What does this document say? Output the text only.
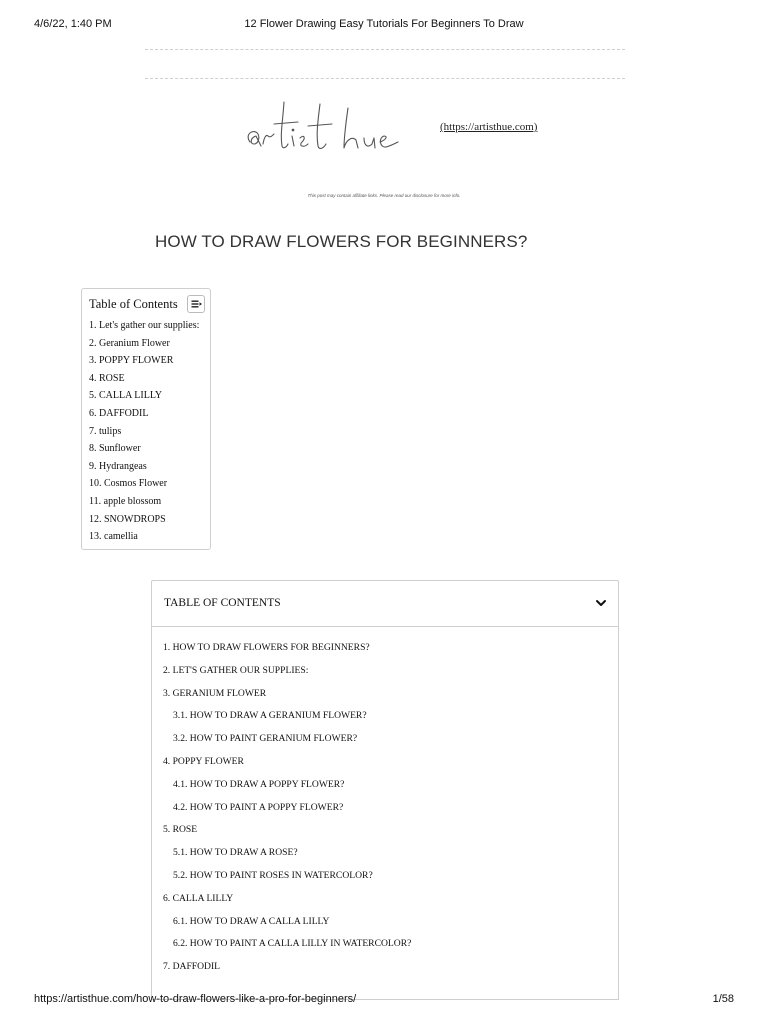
4/6/22, 1:40 PM	12 Flower Drawing Easy Tutorials For Beginners To Draw
(https://artisthue.com)
This post may contain affiliate links. Please read our disclosure for more info.
HOW TO DRAW FLOWERS FOR BEGINNERS?
Table of Contents
1. Let's gather our supplies:
2. Geranium Flower
3. POPPY FLOWER
4. ROSE
5. CALLA LILLY
6. DAFFODIL
7. tulips
8. Sunflower
9. Hydrangeas
10. Cosmos Flower
11. apple blossom
12. SNOWDROPS
13. camellia
TABLE OF CONTENTS
1. HOW TO DRAW FLOWERS FOR BEGINNERS?
2. LET'S GATHER OUR SUPPLIES:
3. GERANIUM FLOWER
3.1. HOW TO DRAW A GERANIUM FLOWER?
3.2. HOW TO PAINT GERANIUM FLOWER?
4. POPPY FLOWER
4.1. HOW TO DRAW A POPPY FLOWER?
4.2. HOW TO PAINT A POPPY FLOWER?
5. ROSE
5.1. HOW TO DRAW A ROSE?
5.2. HOW TO PAINT ROSES IN WATERCOLOR?
6. CALLA LILLY
6.1. HOW TO DRAW A CALLA LILLY
6.2. HOW TO PAINT A CALLA LILLY IN WATERCOLOR?
7. DAFFODIL
https://artisthue.com/how-to-draw-flowers-like-a-pro-for-beginners/	1/58
